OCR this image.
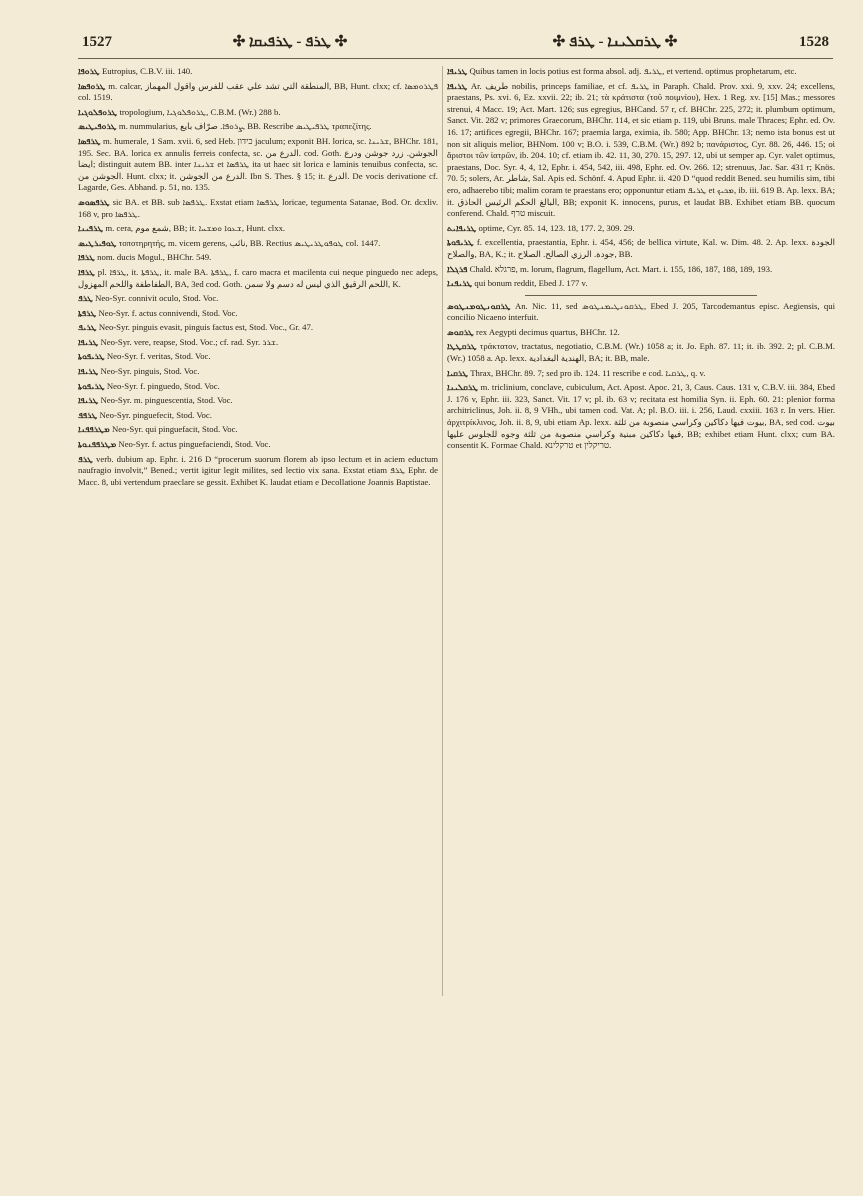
1527	✣ ܛܪܦ ‑ ܛܪܦܝܩܐ ✣	✣ ܛܪܩܠܝܢܐ ‑ ܛܪܦ ✣	1528
ܛܪܘܦܐ Eutropius, C.B.V. iii. 140.
ܛܪܘܦܣܐ m. calcar, المنطقة التي تشد علي عقب للفرس واقول المهماز, BB, Hunt. clxx; cf. ܦܛܪܘܡܣܐ col. 1519.
ܛܪܘܦܠܘܓܝܐ tropologium, ܛܪܘܦܠܘܓܝܐ, C.B.M. (Wr.) 288 b.
ܛܪܘܦܝܛܝܣ m. nummularius, ܨܪܘܦܐ. صرّاف بايع, BB. Rescribe ܛܪܦܝܛܝܣ τραπεζίτης.
ܛܪܦܣܐ m. humerale, 1 Sam. xvii. 6, sed Heb. כידון jaculum; exponit BH. lorica, sc. ܫܪܝܢܐ, BHChr. 181, 195. Sec. BA. lorica ex annulis ferreis confecta, sc. الدرع من. cod. Goth. الجوشن. زرد جوشن ودرع ايضا; distinguit autem BB. inter ܫܪܝܢܐ et ܛܪܦܣܐ ita ut haec sit lorica e laminis tenuibus confecta, sc. الجوشن من. Hunt. clxx; it. الدرع من الجوشن. Ibn S. Thes. § 15; it. الدرع. De vocis derivatione cf. Lagarde, Ges. Abhand. p. 51, no. 135.
ܛܪܦܣܘܣ sic BA. et BB. sub ܛܪܦܣܐ. Exstat etiam ܛܪܦܣܐ loricae, tegumenta Satanae, Bod. Or. dcxliv. 168 v, pro ܛܪܦܣܐ.
ܛܪܦܝܢܐ m. cera, شمع موم, BB; it. ܫܥܘܐ ܘܡܫܚܐ, Hunt. clxx.
ܛܘܦܝܪܛܝܣ τοποτηρητής, m. vicem gerens, نائب, BB. Rectius ܛܘܦܘܛܪܝܛܝܣ col. 1447.
ܛܪܦܐ nom. ducis Mogul., BHChr. 549.
ܛܪܦܐ pl. ܛܪ̈ܦܐ, it. ܛܪܦܬܐ, it. male BA. ܛܪܦܬܐ, f. caro macra et macilenta cui neque pinguedo nec adeps, الطفاطفة واللحم المهزول, BA, 3ed cod. Goth. اللحم الرقيق الذي ليس له دسم ولا سمن, K.
ܛܪܦ Neo-Syr. connivit oculo, Stod. Voc.
ܛܪܦܬܐ Neo-Syr. f. actus connivendi, Stod. Voc.
ܛܪܝܦ Neo-Syr. pinguis evasit, pinguis factus est, Stod. Voc., Gr. 47.
ܛܪܝܦܐ Neo-Syr. vere, reapse, Stod. Voc.; cf. rad. Syr. ܫܪܪ.
ܛܪܝܦܘܬܐ Neo-Syr. f. veritas, Stod. Voc.
ܛܪܝܦܐ Neo-Syr. pinguis, Stod. Voc.
ܛܪܝܦܘܬܐ Neo-Syr. f. pinguedo, Stod. Voc.
ܛܪܝܦܐ Neo-Syr. m. pinguescentia, Stod. Voc.
ܛܪܦܦ Neo-Syr. pinguefecit, Stod. Voc.
ܡܛܪܦܦܢܐ Neo-Syr. qui pinguefacit, Stod. Voc.
ܡܛܪܦܦܢܘܬܐ Neo-Syr. f. actus pinguefaciendi, Stod. Voc.
ܛܪܦ verb. dubium ap. Ephr. i. 216 D “procerum suorum florem ab ipso lectum et in aciem eductum naufragio involvit,” Bened.; vertit igitur legit milites, sed lectio vix sana. Exstat etiam ܛܪܦ Ephr. de Macc. 8, ubi vertendum praeclare se gessit. Exhibet K. laudat etiam e Decollatione Joannis Baptistae.
ܛܪܝܦܐ Quibus tamen in locis potius est forma absol. adj. ܛܪܝܦ, et vertend. optimus prophetarum, etc.
ܛܪܝܦܐ Ar. طريف nobilis, princeps familiae, et cf. ܛܪܝܦ in Paraph. Chald. Prov. xxi. 9, xxv. 24; excellens, praestans, Ps. xvi. 6, Ez. xxvii. 22; ib. 21; τὰ κράτιστα (τοῦ ποιμνίου), Hex. 1 Reg. xv. [15] Mas.; messores strenui, 4 Macc. 19; Act. Mart. 126; sus egregius, BHCand. 57 r, cf. BHChr. 225, 272; it. plumbum optimum, Sanct. Vit. 282 v; primores Graecorum, BHChr. 114, et sic etiam p. 119, ubi Bruns. male Thraces; Ephr. ed. Ov. 16. 17; artifices egregii, BHChr. 167; praemia larga, eximia, ib. 580; App. BHChr. 13; nemo ista bonus est ut non sit aliquis melior, BHNom. 100 v; B.O. i. 539, C.B.M. (Wr.) 892 b; πανάριστος, Cyr. 88. 26, 446. 15; οἱ ἄριστοι τῶν ἰατρῶν, ib. 204. 10; cf. etiam ib. 42. 11, 30, 270. 15, 297. 12, ubi ut semper ap. Cyr. valet optimus, praestans, Doc. Syr. 4, 4, 12, Ephr. i. 454, 542, iii. 498, Ephr. ed. Ov. 266. 12; strenuus, Jac. Sar. 431 r; Knös. 70. 5; solers, Ar. شاطر, Sal. Apis ed. Schönf. 4. Apud Ephr. ii. 420 D “quod reddit Bened. seu humilis sim, tibi ero, adhaerebo tibi; malim coram te praestans ero; opponuntur etiam ܛܪܝܦ et ܡܟܝܟ, ib. iii. 619 B. Ap. lexx. BA; it. البالغ الحكم الرئيس الحاذق, BB; exponit K. innocens, purus, et laudat BB. Exhibet etiam BB. quocum conferend. Chald. טרף miscuit.
ܛܪܝܦܐܝܬ optime, Cyr. 85. 14, 123. 18, 177. 2, 309. 29.
ܛܪܝܦܘܬܐ f. excellentia, praestantia, Ephr. i. 454, 456; de bellica virtute, Kal. w. Dim. 48. 2. Ap. lexx. الجودة والصلاح, BA, K.; it. جودة. الرزي الصالح. الصلاح, BB.
ܦܪܓܠܐ Chald. פרגלא, m. lorum, flagrum, flagellum, Act. Mart. i. 155, 186, 187, 188, 189, 193.
ܛܪܝܦܢܐ qui bonum reddit, Ebed J. 177 v.
ܛܪܩܘܢܛܘܡܢܛܘܣ An. Nic. 11, sed ܛܪܩܘܢܛܝܡܢܛܘܣ, Ebed J. 205, Tarcodemantus episc. Aegiensis, qui concilio Nicaeno interfuit.
ܛܪܩܘܣ rex Aegypti decimus quartus, BHChr. 12.
ܛܪܩܛܛܐ τράκτατον, tractatus, negotiatio, C.B.M. (Wr.) 1058 a; it. Jo. Eph. 87. 11; it. ib. 392. 2; pl. C.B.M. (Wr.) 1058 a. Ap. lexx. الهندية البغدادية, BA; it. BB, male.
ܛܪܩܝܐ Thrax, BHChr. 89. 7; sed pro ib. 124. 11 rescribe e cod. ܛܪܩܝܐ, q. v.
ܛܪܩܠܝܢܐ m. triclinium, conclave, cubiculum, Act. Apost. Apoc. 21, 3, Caus. Caus. 131 v, C.B.V. iii. 384, Ebed J. 176 v, Ephr. iii. 323, Sanct. Vit. 17 v; pl. ib. 63 v; recitata est homilia Syn. ii. Eph. 60. 21: plenior forma architriclinus, Joh. ii. 8, 9 VHh., ubi tamen cod. Vat. A; pl. B.O. iii. i. 256, Laud. cxxiii. 163 r. In vers. Hier. ἀρχιτρίκλινος, Joh. ii. 8, 9, ubi etiam Ap. lexx. بيوت فيها دكاكين وكراسي منصوبة من ثلثة, BA, sed cod. بيوت فيها دكاكين مبنية وكراسي منصوبة من ثلثة وجوه للجلوس عليها, BB; exhibet etiam Hunt. clxx; cum BA. consentit K. Formae Chald. טרקלינא et טריקלין.
